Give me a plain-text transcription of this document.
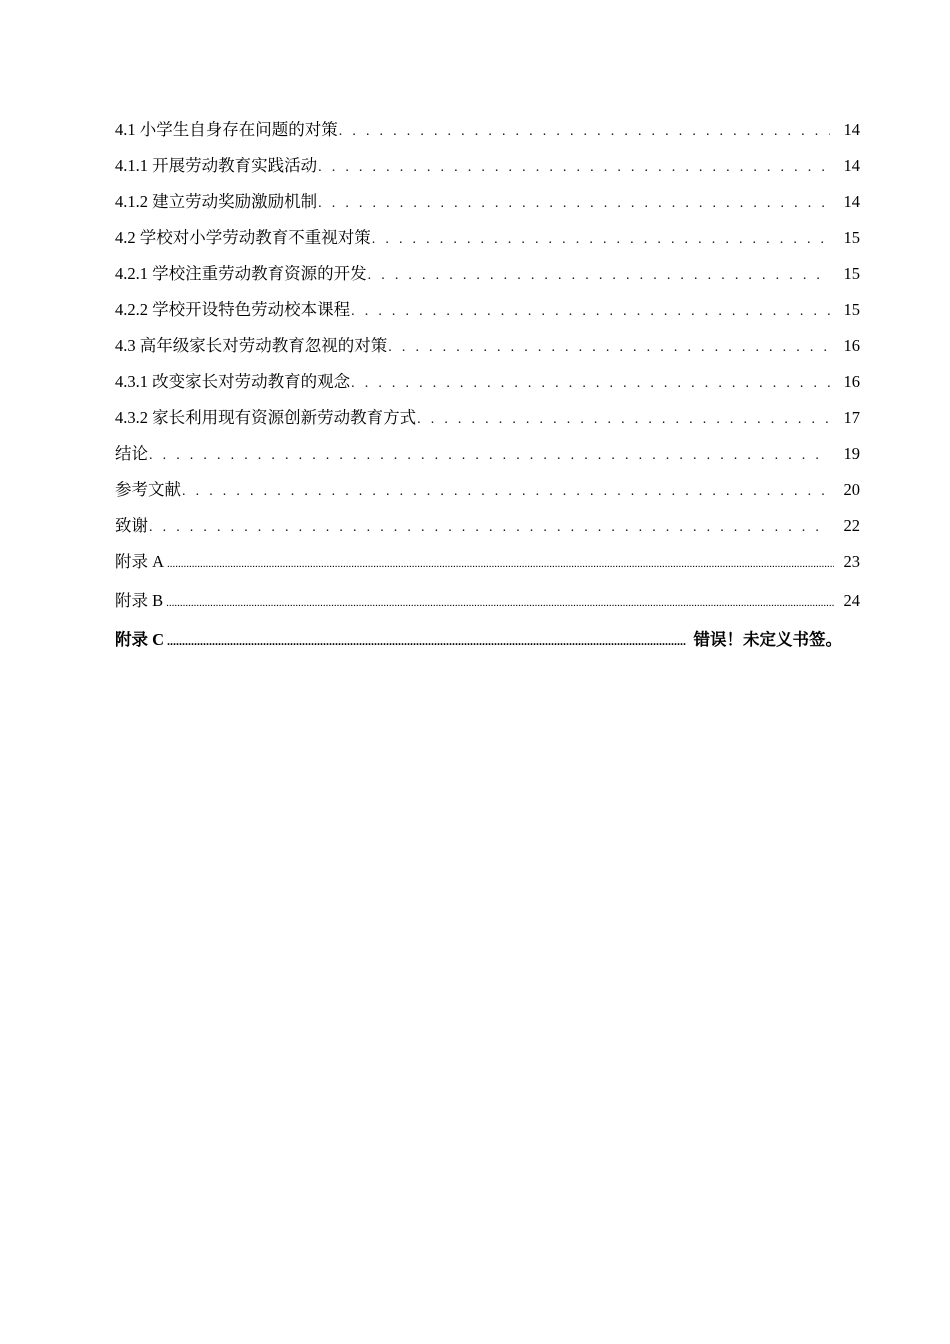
4.1 小学生自身存在问题的对策 . . .	14
4.1.1 开展劳动教育实践活动 . . .	14
4.1.2 建立劳动奖励激励机制 . . .	14
4.2 学校对小学劳动教育不重视对策 . . .	15
4.2.1 学校注重劳动教育资源的开发 . . .	15
4.2.2 学校开设特色劳动校本课程 . . .	15
4.3 高年级家长对劳动教育忽视的对策 . . .	16
4.3.1 改变家长对劳动教育的观念 . . .	16
4.3.2 家长利用现有资源创新劳动教育方式 . . .	17
结论 . . .	19
参考文献 . . .	20
致谢 . . .	22
附录 A .....	23
附录 B .....	24
附录 C .....	错误！未定义书签。
